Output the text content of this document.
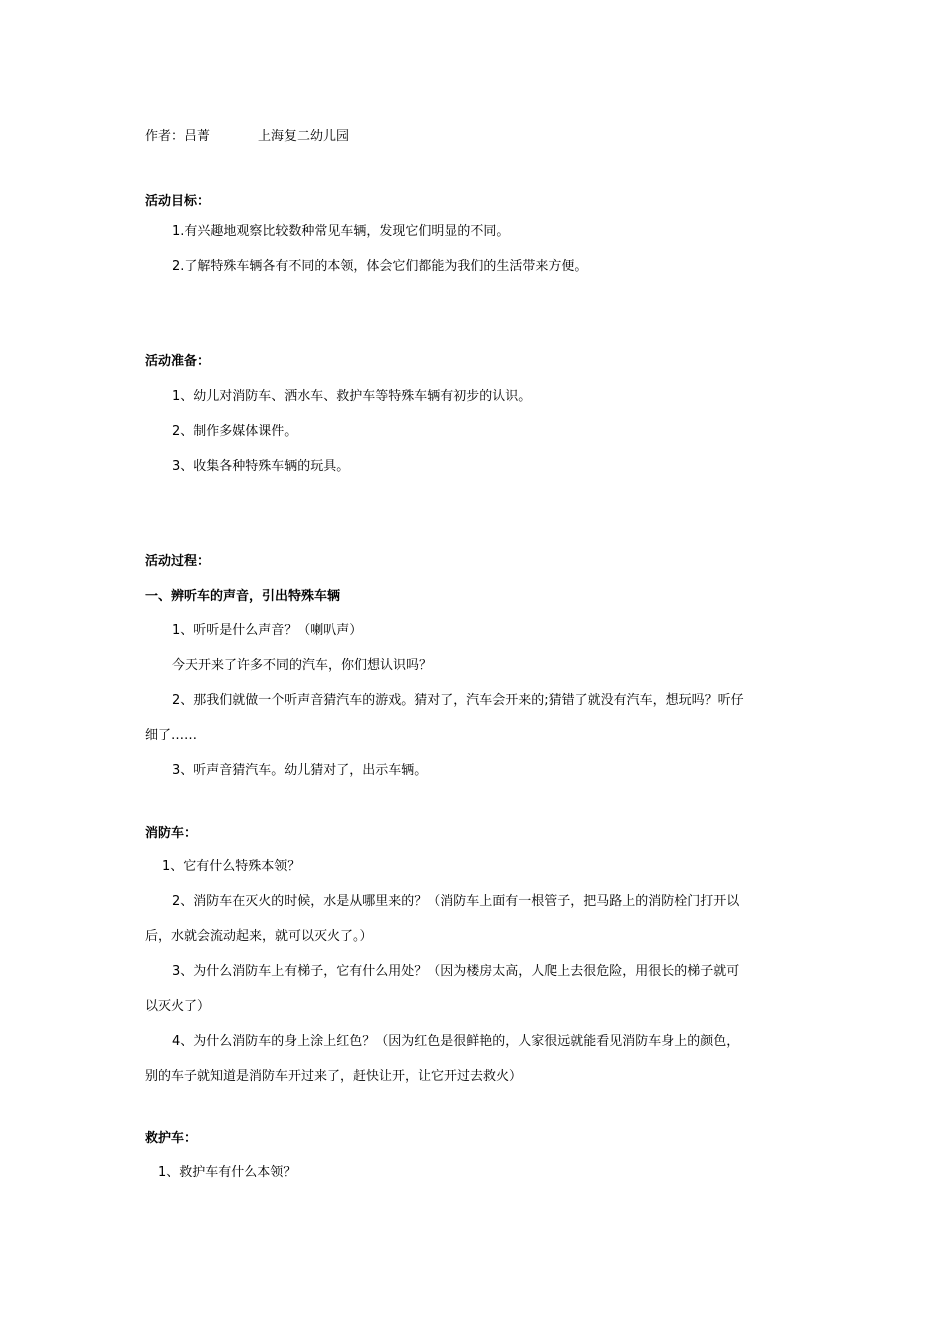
作者：吕菁	上海复二幼儿园
活动目标：
1.有兴趣地观察比较数种常见车辆，发现它们明显的不同。
2.了解特殊车辆各有不同的本领，体会它们都能为我们的生活带来方便。
活动准备：
1、幼儿对消防车、洒水车、救护车等特殊车辆有初步的认识。
2、制作多媒体课件。
3、收集各种特殊车辆的玩具。
活动过程：
一、辨听车的声音，引出特殊车辆
1、听听是什么声音？（喇叭声）
今天开来了许多不同的汽车，你们想认识吗？
2、那我们就做一个听声音猜汽车的游戏。猜对了，汽车会开来的;猜错了就没有汽车，想玩吗？听仔
细了……
3、听声音猜汽车。幼儿猜对了，出示车辆。
消防车：
1、它有什么特殊本领？
2、消防车在灭火的时候，水是从哪里来的？（消防车上面有一根管子，把马路上的消防栓门打开以
后，水就会流动起来，就可以灭火了。）
3、为什么消防车上有梯子，它有什么用处？（因为楼房太高，人爬上去很危险，用很长的梯子就可
以灭火了）
4、为什么消防车的身上涂上红色？（因为红色是很鲜艳的，人家很远就能看见消防车身上的颜色，
别的车子就知道是消防车开过来了，赶快让开，让它开过去救火）
救护车：
1、救护车有什么本领？
